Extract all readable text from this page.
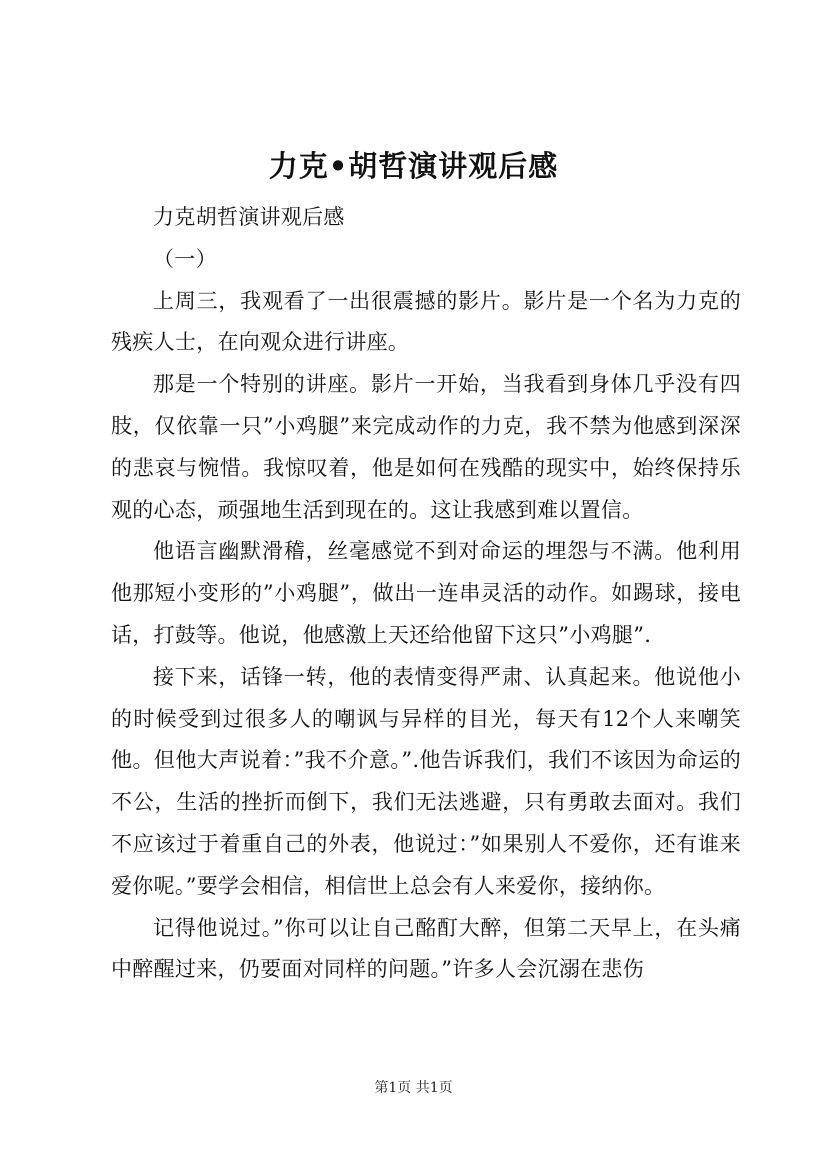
力克•胡哲演讲观后感

力克胡哲演讲观后感

（一）

上周三，我观看了一出很震撼的影片。影片是一个名为力克的残疾人士，在向观众进行讲座。

那是一个特别的讲座。影片一开始，当我看到身体几乎没有四肢，仅依靠一只”小鸡腿”来完成动作的力克，我不禁为他感到深深的悲哀与惋惜。我惊叹着，他是如何在残酷的现实中，始终保持乐观的心态，顽强地生活到现在的。这让我感到难以置信。

他语言幽默滑稽，丝毫感觉不到对命运的埋怨与不满。他利用他那短小变形的”小鸡腿”，做出一连串灵活的动作。如踢球，接电话，打鼓等。他说，他感激上天还给他留下这只”小鸡腿”.

接下来，话锋一转，他的表情变得严肃、认真起来。他说他小的时候受到过很多人的嘲讽与异样的目光，每天有12个人来嘲笑他。但他大声说着：”我不介意。”.他告诉我们，我们不该因为命运的不公，生活的挫折而倒下，我们无法逃避，只有勇敢去面对。我们不应该过于着重自己的外表，他说过：”如果别人不爱你，还有谁来爱你呢。”要学会相信，相信世上总会有人来爱你，接纳你。

记得他说过。”你可以让自己酩酊大醉，但第二天早上，在头痛中醉醒过来，仍要面对同样的问题。”许多人会沉溺在悲伤

第1页 共1页
